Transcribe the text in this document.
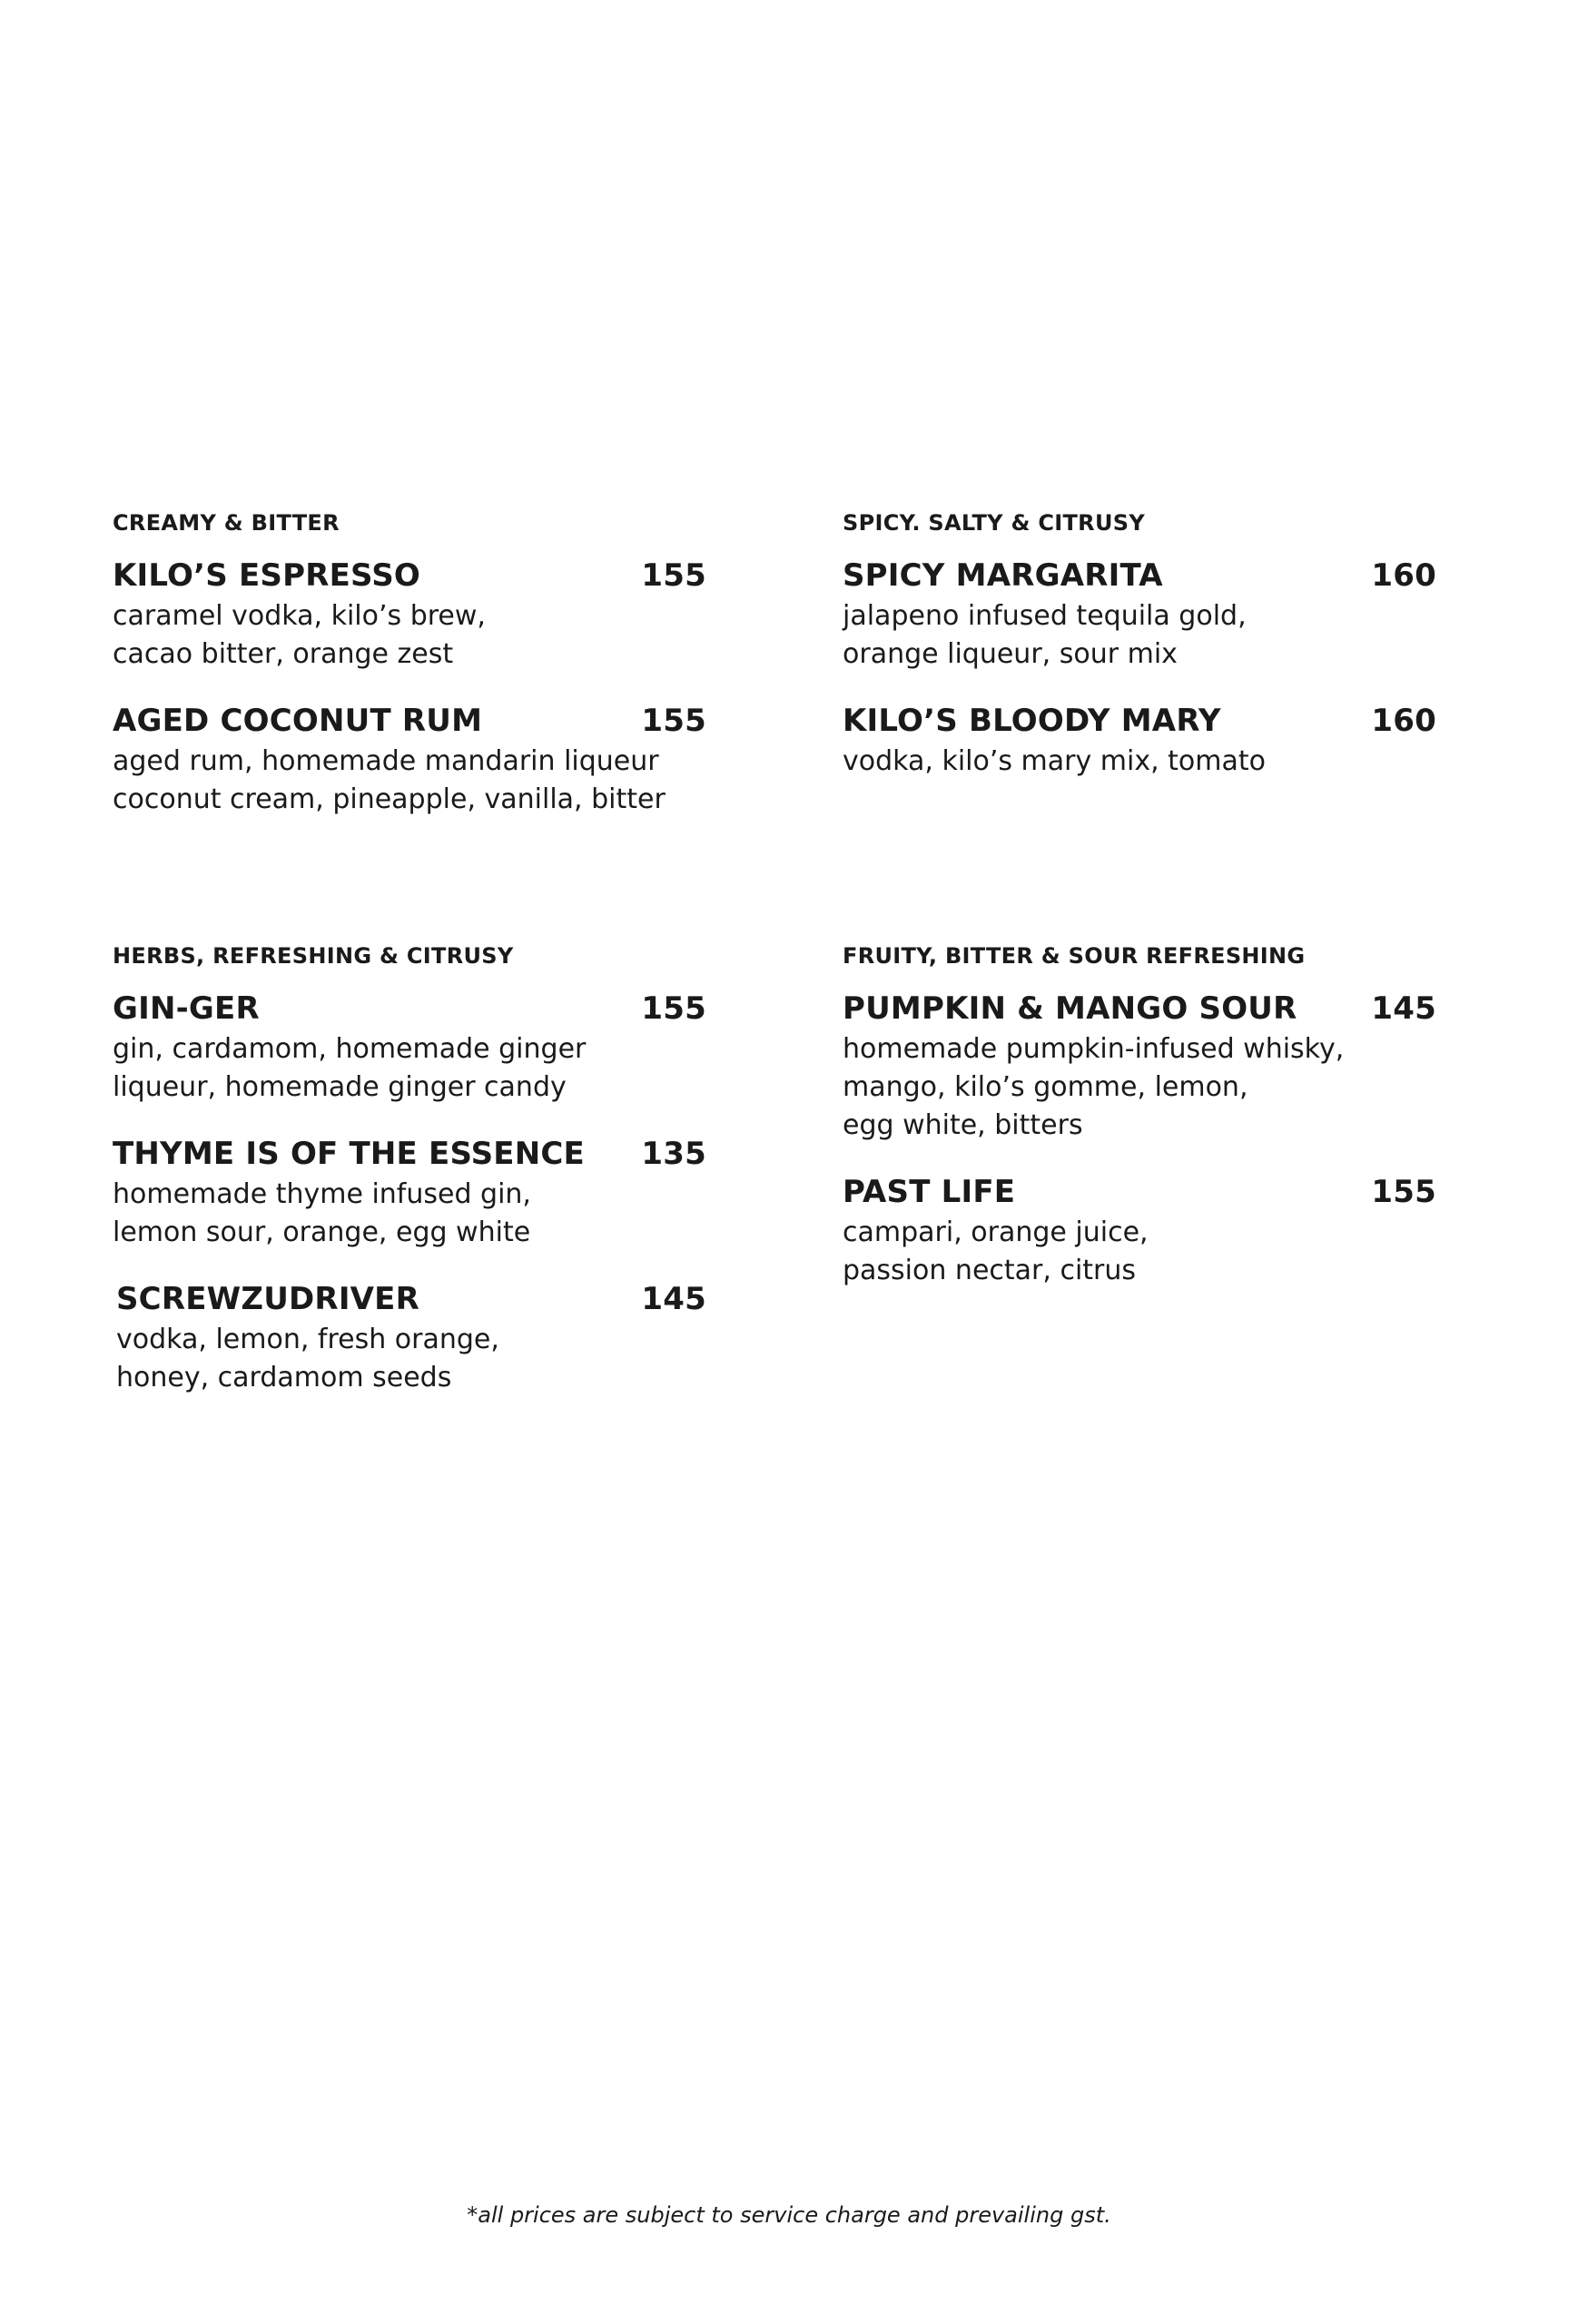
CREAMY & BITTER
KILO’S ESPRESSO	155
caramel vodka, kilo’s brew,
cacao bitter, orange zest
AGED COCONUT RUM	155
aged rum, homemade mandarin liqueur
coconut cream, pineapple, vanilla, bitter
SPICY. SALTY & CITRUSY
SPICY MARGARITA	160
jalapeno infused tequila gold,
orange liqueur, sour mix
KILO’S BLOODY MARY	160
vodka, kilo’s mary mix, tomato
HERBS, REFRESHING & CITRUSY
GIN-GER	155
gin, cardamom, homemade ginger
liqueur, homemade ginger candy
THYME IS OF THE ESSENCE 135
homemade thyme infused gin,
lemon sour, orange, egg white
SCREWZUDRIVER	145
vodka, lemon, fresh orange,
honey, cardamom seeds
FRUITY, BITTER & SOUR REFRESHING
PUMPKIN & MANGO SOUR 145
homemade pumpkin-infused whisky,
mango, kilo’s gomme, lemon,
egg white, bitters
PAST LIFE	155
campari, orange juice,
passion nectar, citrus
*all prices are subject to service charge and prevailing gst.
